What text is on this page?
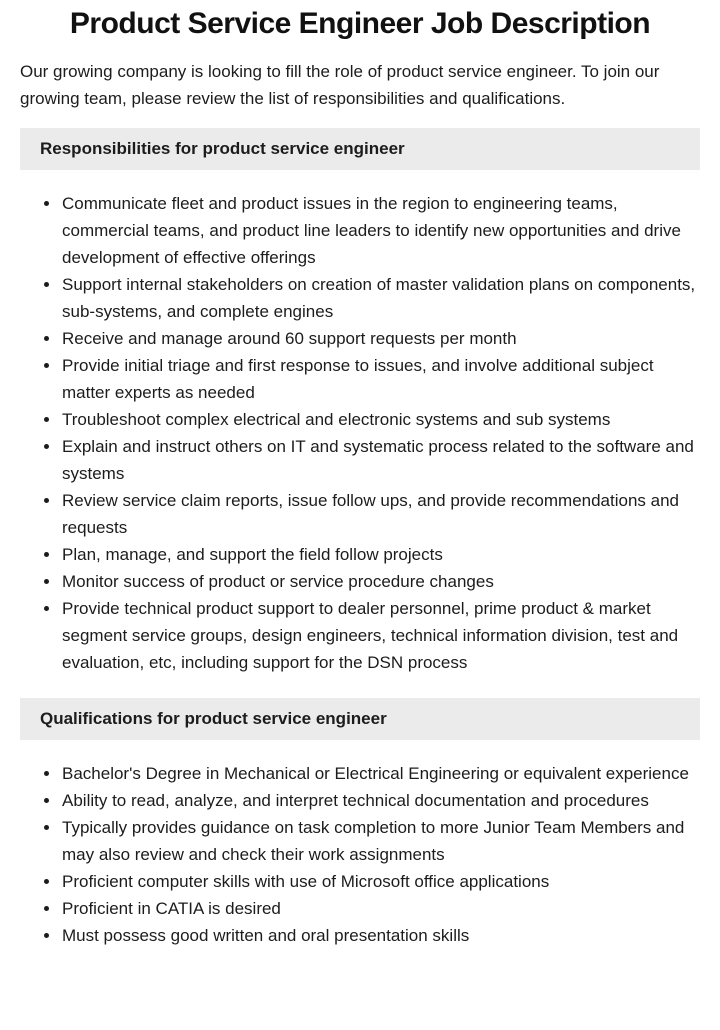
Product Service Engineer Job Description

Our growing company is looking to fill the role of product service engineer. To join our growing team, please review the list of responsibilities and qualifications.

Responsibilities for product service engineer
• Communicate fleet and product issues in the region to engineering teams, commercial teams, and product line leaders to identify new opportunities and drive development of effective offerings
• Support internal stakeholders on creation of master validation plans on components, sub-systems, and complete engines
• Receive and manage around 60 support requests per month
• Provide initial triage and first response to issues, and involve additional subject matter experts as needed
• Troubleshoot complex electrical and electronic systems and sub systems
• Explain and instruct others on IT and systematic process related to the software and systems
• Review service claim reports, issue follow ups, and provide recommendations and requests
• Plan, manage, and support the field follow projects
• Monitor success of product or service procedure changes
• Provide technical product support to dealer personnel, prime product & market segment service groups, design engineers, technical information division, test and evaluation, etc, including support for the DSN process
Qualifications for product service engineer
• Bachelor's Degree in Mechanical or Electrical Engineering or equivalent experience
• Ability to read, analyze, and interpret technical documentation and procedures
• Typically provides guidance on task completion to more Junior Team Members and may also review and check their work assignments
• Proficient computer skills with use of Microsoft office applications
• Proficient in CATIA is desired
• Must possess good written and oral presentation skills
